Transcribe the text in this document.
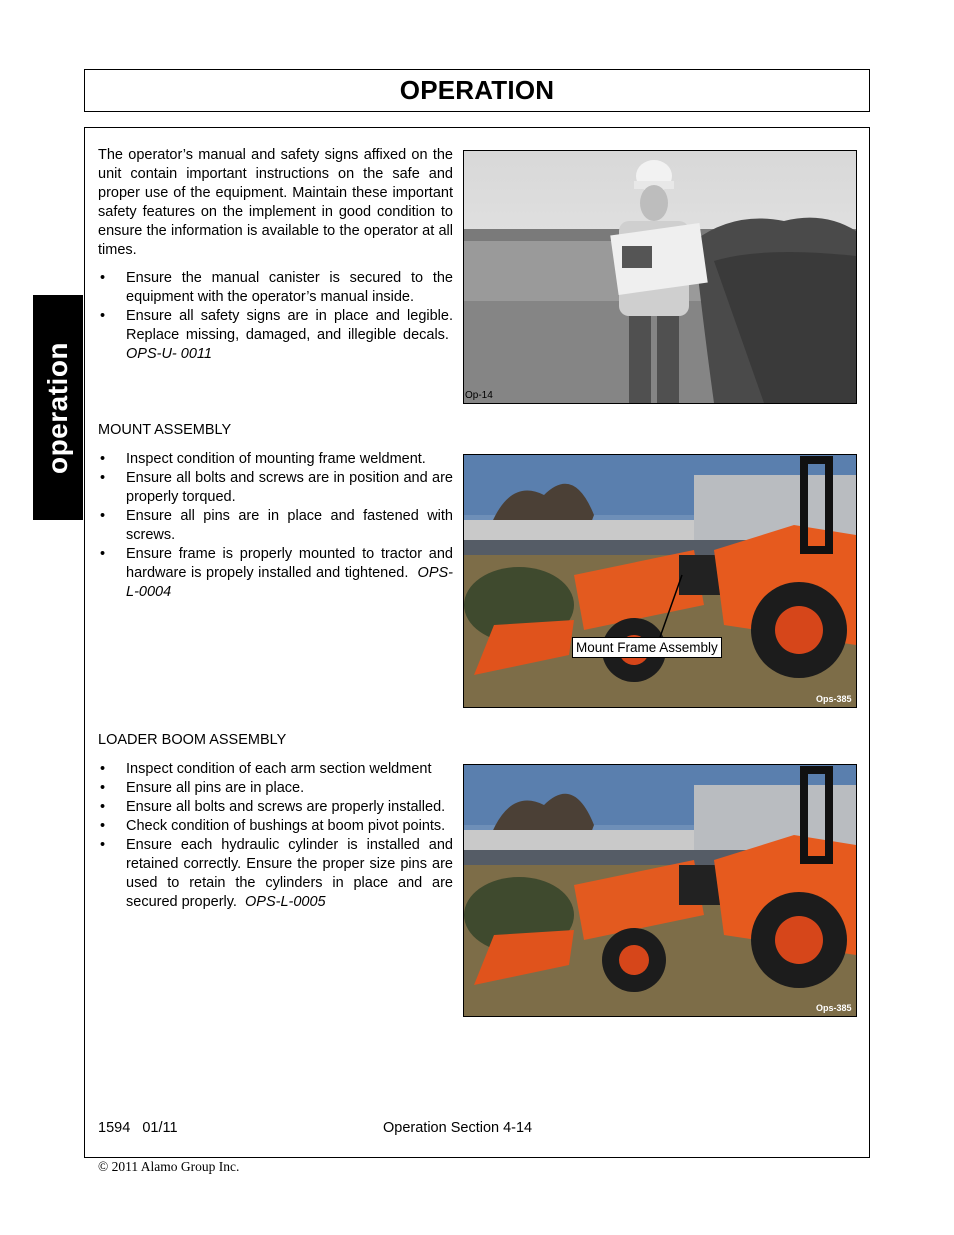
OPERATION
operation

The operator’s manual and safety signs affixed on the unit contain important instructions on the safe and proper use of the equipment. Maintain these important safety features on the implement in good condition to ensure the information is available to the operator at all times.

• Ensure the manual canister is secured to the equipment with the operator’s manual inside.
• Ensure all safety signs are in place and legible. Replace missing, damaged, and illegible decals.  OPS-U- 0011
Op-14
MOUNT ASSEMBLY
• Inspect condition of mounting frame weldment.
• Ensure all bolts and screws are in position and are properly torqued.
• Ensure all pins are in place and fastened with screws.
• Ensure frame is properly mounted to tractor and hardware is propely installed and tightened. OPS-L-0004
Ops-385
Mount Frame Assembly
LOADER BOOM ASSEMBLY
• Inspect condition of each arm section weldment
• Ensure all pins are in place.
• Ensure all bolts and screws are properly installed.
• Check condition of bushings at boom pivot points.
• Ensure each hydraulic cylinder is installed and retained correctly. Ensure the proper size pins are used to retain the cylinders in place and are secured properly. OPS-L-0005
Ops-385
1594   01/11	Operation Section 4-14
© 2011 Alamo Group Inc.
